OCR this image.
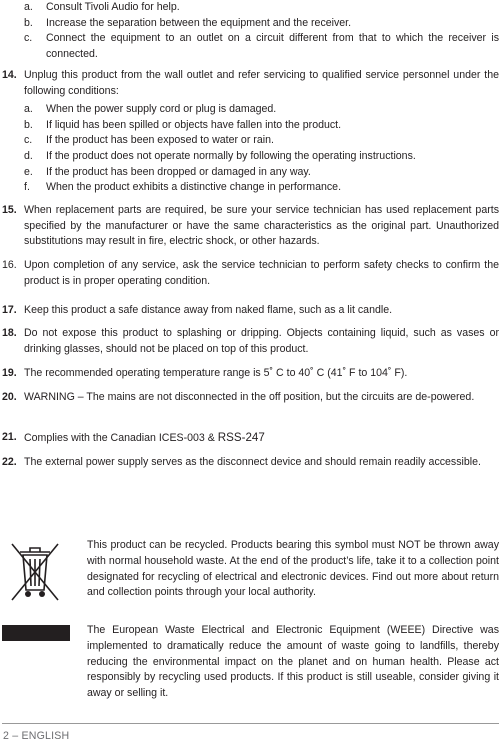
a.	Consult Tivoli Audio for help.
b.	Increase the separation between the equipment and the receiver.
c.	Connect the equipment to an outlet on a circuit different from that to which the receiver is connected.
14. Unplug this product from the wall outlet and refer servicing to qualified service personnel under the following conditions:
a.	When the power supply cord or plug is damaged.
b.	If liquid has been spilled or objects have fallen into the product.
c.	If the product has been exposed to water or rain.
d.	If the product does not operate normally by following the operating instructions.
e.	If the product has been dropped or damaged in any way.
f.	When the product exhibits a distinctive change in performance.
15. When replacement parts are required, be sure your service technician has used replacement parts specified by the manufacturer or have the same characteristics as the original part. Unauthorized substitutions may result in fire, electric shock, or other hazards.
16. Upon completion of any service, ask the service technician to perform safety checks to confirm the product is in proper operating condition.
17. Keep this product a safe distance away from naked flame, such as a lit candle.
18. Do not expose this product to splashing or dripping. Objects containing liquid, such as vases or drinking glasses, should not be placed on top of this product.
19. The recommended operating temperature range is 5˚ C to 40˚ C (41˚ F to 104˚ F).
20. WARNING – The mains are not disconnected in the off position, but the circuits are de-powered.
21. Complies with the Canadian ICES-003 & RSS-247
22. The external power supply serves as the disconnect device and should remain readily accessible.
This product can be recycled. Products bearing this symbol must NOT be thrown away with normal household waste. At the end of the product’s life, take it to a collection point designated for recycling of electrical and electronic devices. Find out more about return and collection points through your local authority.
The European Waste Electrical and Electronic Equipment (WEEE) Directive was implemented to dramatically reduce the amount of waste going to landfills, thereby reducing the environmental impact on the planet and on human health. Please act responsibly by recycling used products. If this product is still useable, consider giving it away or selling it.
2 – ENGLISH
